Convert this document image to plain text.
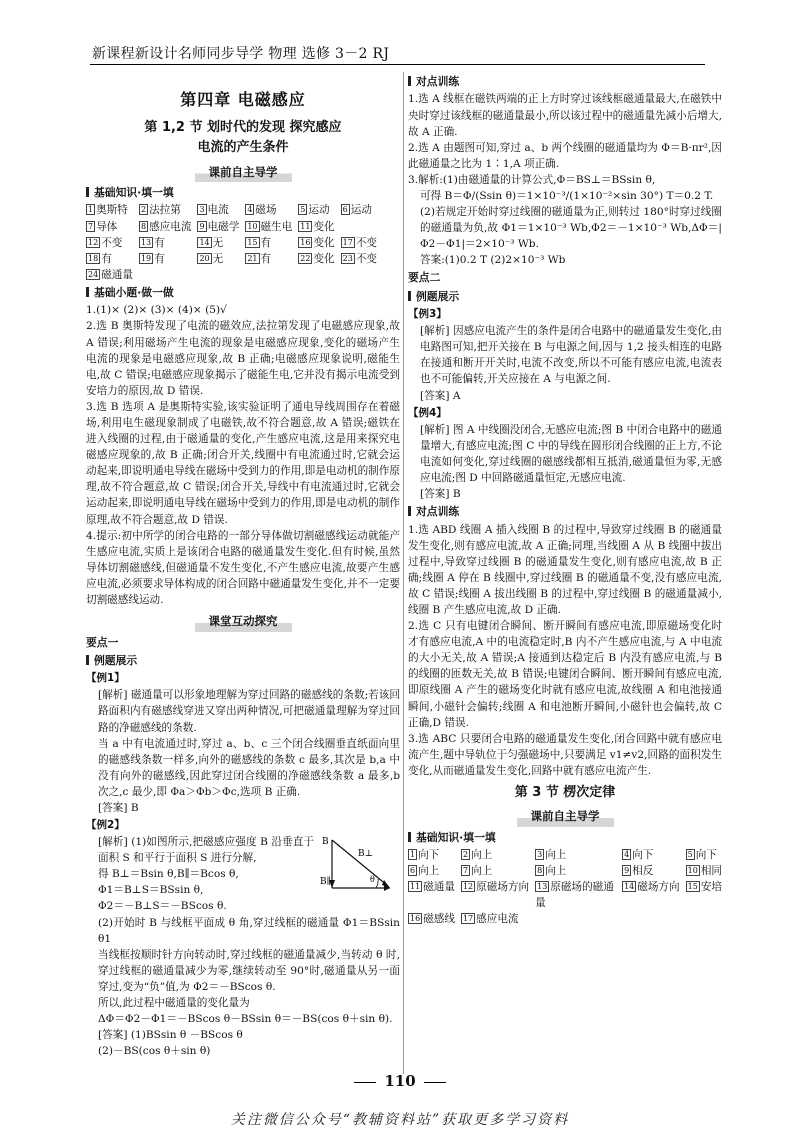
新课程新设计名师同步导学 物理 选修 3－2 RJ
第四章 电磁感应
第 1,2 节 划时代的发现 探究感应
电流的产生条件
课前自主导学
基础知识·填一填
1 奥斯特	2 法拉第	3 电流	4 磁场	5 运动	6 运动
7 导体	8 感应电流 9 电磁学 10 磁生电 11 变化
12 不变	13 有	14 无	15 有	16 变化 17 不变
18 有	19 有	20 无	21 有	22 变化 23 不变
24 磁通量
基础小题·做一做

1.(1)× (2)× (3)× (4)× (5)√

2.选 B 奥斯特发现了电流的磁效应,法拉第发现了电磁感应现象,故 A 错误;利用磁场产生电流的现象是电磁感应现象,变化的磁场产生电流的现象是电磁感应现象,故 B 正确;电磁感应现象说明,磁能生电,故 C 错误;电磁感应现象揭示了磁能生电,它并没有揭示电流受到安培力的原因,故 D 错误.

3.选 B 选项 A 是奥斯特实验,该实验证明了通电导线周围存在着磁场,利用电生磁现象制成了电磁铁,故不符合题意,故 A 错误;磁铁在进入线圈的过程,由于磁通量的变化,产生感应电流,这是用来探究电磁感应现象的,故 B 正确;闭合开关,线圈中有电流通过时,它就会运动起来,即说明通电导线在磁场中受到力的作用,即是电动机的制作原理,故不符合题意,故 C 错误;闭合开关,导线中有电流通过时,它就会运动起来,即说明通电导线在磁场中受到力的作用,即是电动机的制作原理,故不符合题意,故 D 错误.

4.提示:初中所学的闭合电路的一部分导体做切割磁感线运动就能产生感应电流,实质上是该闭合电路的磁通量发生变化.但有时候,虽然导体切割磁感线,但磁通量不发生变化,不产生感应电流,故要产生感应电流,必须要求导体构成的闭合回路中磁通量发生变化,并不一定要切割磁感线运动.

课堂互动探究
要点一
例题展示
【例1】

[解析] 磁通量可以形象地理解为穿过回路的磁感线的条数;若该回路面积内有磁感线穿进又穿出两种情况,可把磁通量理解为穿过回路的净磁感线的条数.

当 a 中有电流通过时,穿过 a、b、c 三个闭合线圈垂直纸面向里的磁感线条数一样多,向外的磁感线的条数 c 最多,其次是 b,a 中没有向外的磁感线,因此穿过闭合线圈的净磁感线条数 a 最多,b 次之,c 最少,即 Φa＞Φb＞Φc,选项 B 正确.

[答案] B

【例2】
B
B⊥
B∥	θ

[解析] (1)如图所示,把磁感应强度 B 沿垂直于面积 S 和平行于面积 S 进行分解,

得 B⊥＝Bsin θ,B∥＝Bcos θ,

Φ1＝B⊥S＝BSsin θ,

Φ2＝－B⊥S＝－BScos θ.

(2)开始时 B 与线框平面成 θ 角,穿过线框的磁通量 Φ1＝BSsin θ1

当线框按顺时针方向转动时,穿过线框的磁通量减少,当转动 θ 时,穿过线框的磁通量减少为零,继续转动至 90°时,磁通量从另一面穿过,变为“负”值,为 Φ2＝－BScos θ.

所以,此过程中磁通量的变化量为

ΔΦ＝Φ2－Φ1＝－BScos θ－BSsin θ＝－BS(cos θ＋sin θ).

[答案] (1)BSsin θ －BScos θ

(2)－BS(cos θ＋sin θ)

对点训练

1.选 A 线框在磁铁两端的正上方时穿过该线框磁通量最大,在磁铁中央时穿过该线框的磁通量最小,所以该过程中的磁通量先减小后增大,故 A 正确.

2.选 A 由题图可知,穿过 a、b 两个线圈的磁通量均为 Φ＝B·πr²,因此磁通量之比为 1∶1,A 项正确.

3.解析:(1)由磁通量的计算公式,Φ＝BS⊥＝BSsin θ,

可得 B＝Φ/(Ssin θ)＝1×10⁻³/(1×10⁻²×sin 30°) T＝0.2 T.

(2)若规定开始时穿过线圈的磁通量为正,则转过 180°时穿过线圈的磁通量为负,故 Φ1＝1×10⁻³ Wb,Φ2＝－1×10⁻³ Wb,ΔΦ＝|Φ2－Φ1|＝2×10⁻³ Wb.

答案:(1)0.2 T (2)2×10⁻³ Wb

要点二
例题展示
【例3】

[解析] 因感应电流产生的条件是闭合电路中的磁通量发生变化,由电路图可知,把开关接在 B 与电源之间,因与 1,2 接头相连的电路在接通和断开开关时,电流不改变,所以不可能有感应电流,电流表也不可能偏转,开关应接在 A 与电源之间.

[答案] A

【例4】

[解析] 图 A 中线圈没闭合,无感应电流;图 B 中闭合电路中的磁通量增大,有感应电流;图 C 中的导线在圆形闭合线圈的正上方,不论电流如何变化,穿过线圈的磁感线都相互抵消,磁通量恒为零,无感应电流;图 D 中回路磁通量恒定,无感应电流.

[答案] B

对点训练

1.选 ABD 线圈 A 插入线圈 B 的过程中,导致穿过线圈 B 的磁通量发生变化,则有感应电流,故 A 正确;同理,当线圈 A 从 B 线圈中拔出过程中,导致穿过线圈 B 的磁通量发生变化,则有感应电流,故 B 正确;线圈 A 停在 B 线圈中,穿过线圈 B 的磁通量不变,没有感应电流,故 C 错误;线圈 A 拔出线圈 B 的过程中,穿过线圈 B 的磁通量减小,线圈 B 产生感应电流,故 D 正确.

2.选 C 只有电键闭合瞬间、断开瞬间有感应电流,即原磁场变化时才有感应电流,A 中的电流稳定时,B 内不产生感应电流,与 A 中电流的大小无关,故 A 错误;A 接通到达稳定后 B 内没有感应电流,与 B 的线圈的匝数无关,故 B 错误;电键闭合瞬间、断开瞬间有感应电流,即原线圈 A 产生的磁场变化时就有感应电流,故线圈 A 和电池接通瞬间,小磁针会偏转;线圈 A 和电池断开瞬间,小磁针也会偏转,故 C 正确,D 错误.

3.选 ABC 只要闭合电路的磁通量发生变化,闭合回路中就有感应电流产生,题中导轨位于匀强磁场中,只要满足 v1≠v2,回路的面积发生变化,从而磁通量发生变化,回路中就有感应电流产生.

第 3 节 楞次定律
课前自主导学
基础知识·填一填
1 向下	2 向上	3 向上	4 向下	5 向下
6 向上	7 向上	8 向上	9 相反	10 相同
11 磁通量 12 原磁场方向 13 原磁场的磁通量
14 磁场方向 15 安培
16 磁感线 17 感应电流
110
关注微信公众号“教辅资料站”获取更多学习资料
